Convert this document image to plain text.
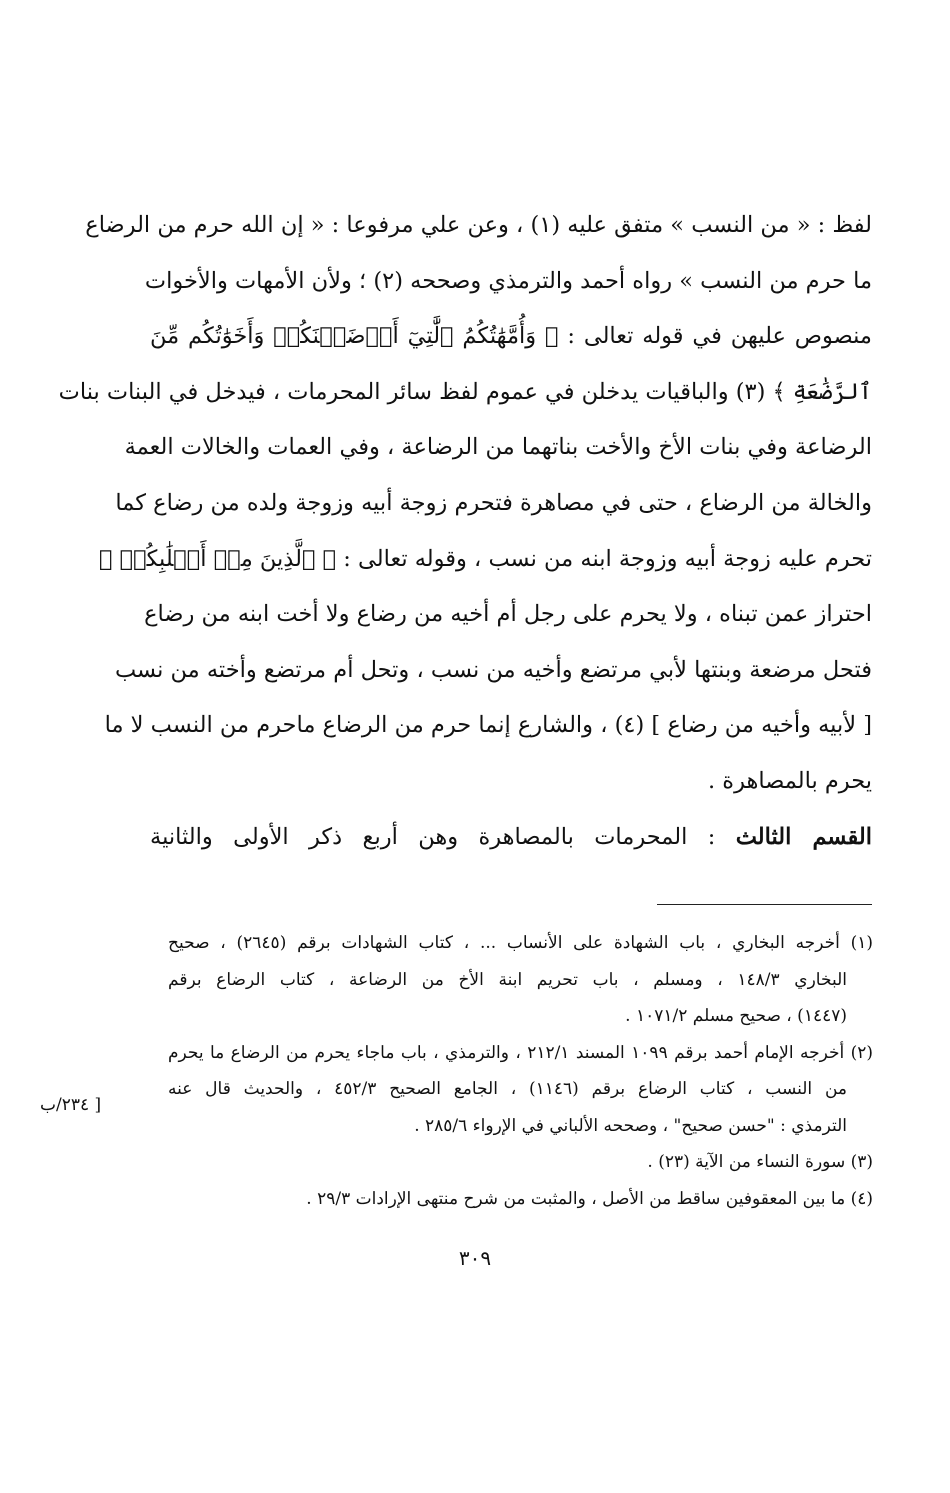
لفظ : « من النسب » متفق عليه (١) ، وعن علي مرفوعا : « إن الله حرم من الرضاع
ما حرم من النسب » رواه أحمد والترمذي وصححه (٢) ؛ ولأن الأمهات والأخوات
منصوص عليهن في قوله تعالى : ﴿ وَأُمَّهَٰتُكُمُ ٱلَّٰتِيٓ أَرۡضَعۡنَكُمۡ وَأَخَوَٰتُكُم مِّنَ
ٱلرَّضَٰعَةِ ﴾ (٣) والباقيات يدخلن في عموم لفظ سائر المحرمات ، فيدخل في البنات بنات
الرضاعة وفي بنات الأخ والأخت بناتهما من الرضاعة ، وفي العمات والخالات العمة
والخالة من الرضاع ، حتى في مصاهرة فتحرم زوجة أبيه وزوجة ولده من رضاع كما
تحرم عليه زوجة أبيه وزوجة ابنه من نسب ، وقوله تعالى : ﴿ ٱلَّذِينَ مِنۡ أَصۡلَٰبِكُمۡ ﴾
احتراز عمن تبناه ، ولا يحرم على رجل أم أخيه من رضاع ولا أخت ابنه من رضاع
فتحل مرضعة وبنتها لأبي مرتضع وأخيه من نسب ، وتحل أم مرتضع وأخته من نسب
[ لأبيه وأخيه من رضاع ] (٤) ، والشارع إنما حرم من الرضاع ماحرم من النسب لا ما
يحرم بالمصاهرة .
القسم الثالث : المحرمات بالمصاهرة وهن أربع ذكر الأولى والثانية
(١) أخرجه البخاري ، باب الشهادة على الأنساب ... ، كتاب الشهادات برقم (٢٦٤٥) ، صحيح
البخاري ١٤٨/٣ ، ومسلم ، باب تحريم ابنة الأخ من الرضاعة ، كتاب الرضاع برقم
(١٤٤٧) ، صحيح مسلم ١٠٧١/٢ .
(٢) أخرجه الإمام أحمد برقم ١٠٩٩ المسند ٢١٢/١ ، والترمذي ، باب ماجاء يحرم من الرضاع ما يحرم
من النسب ، كتاب الرضاع برقم (١١٤٦) ، الجامع الصحيح ٤٥٢/٣ ، والحديث قال عنه
الترمذي : "حسن صحيح" ، وصححه الألباني في الإرواء ٢٨٥/٦ .
(٣) سورة النساء من الآية (٢٣) .
(٤) ما بين المعقوفين ساقط من الأصل ، والمثبت من شرح منتهى الإرادات ٢٩/٣ .
[ ٢٣٤/ب
٣٠٩
